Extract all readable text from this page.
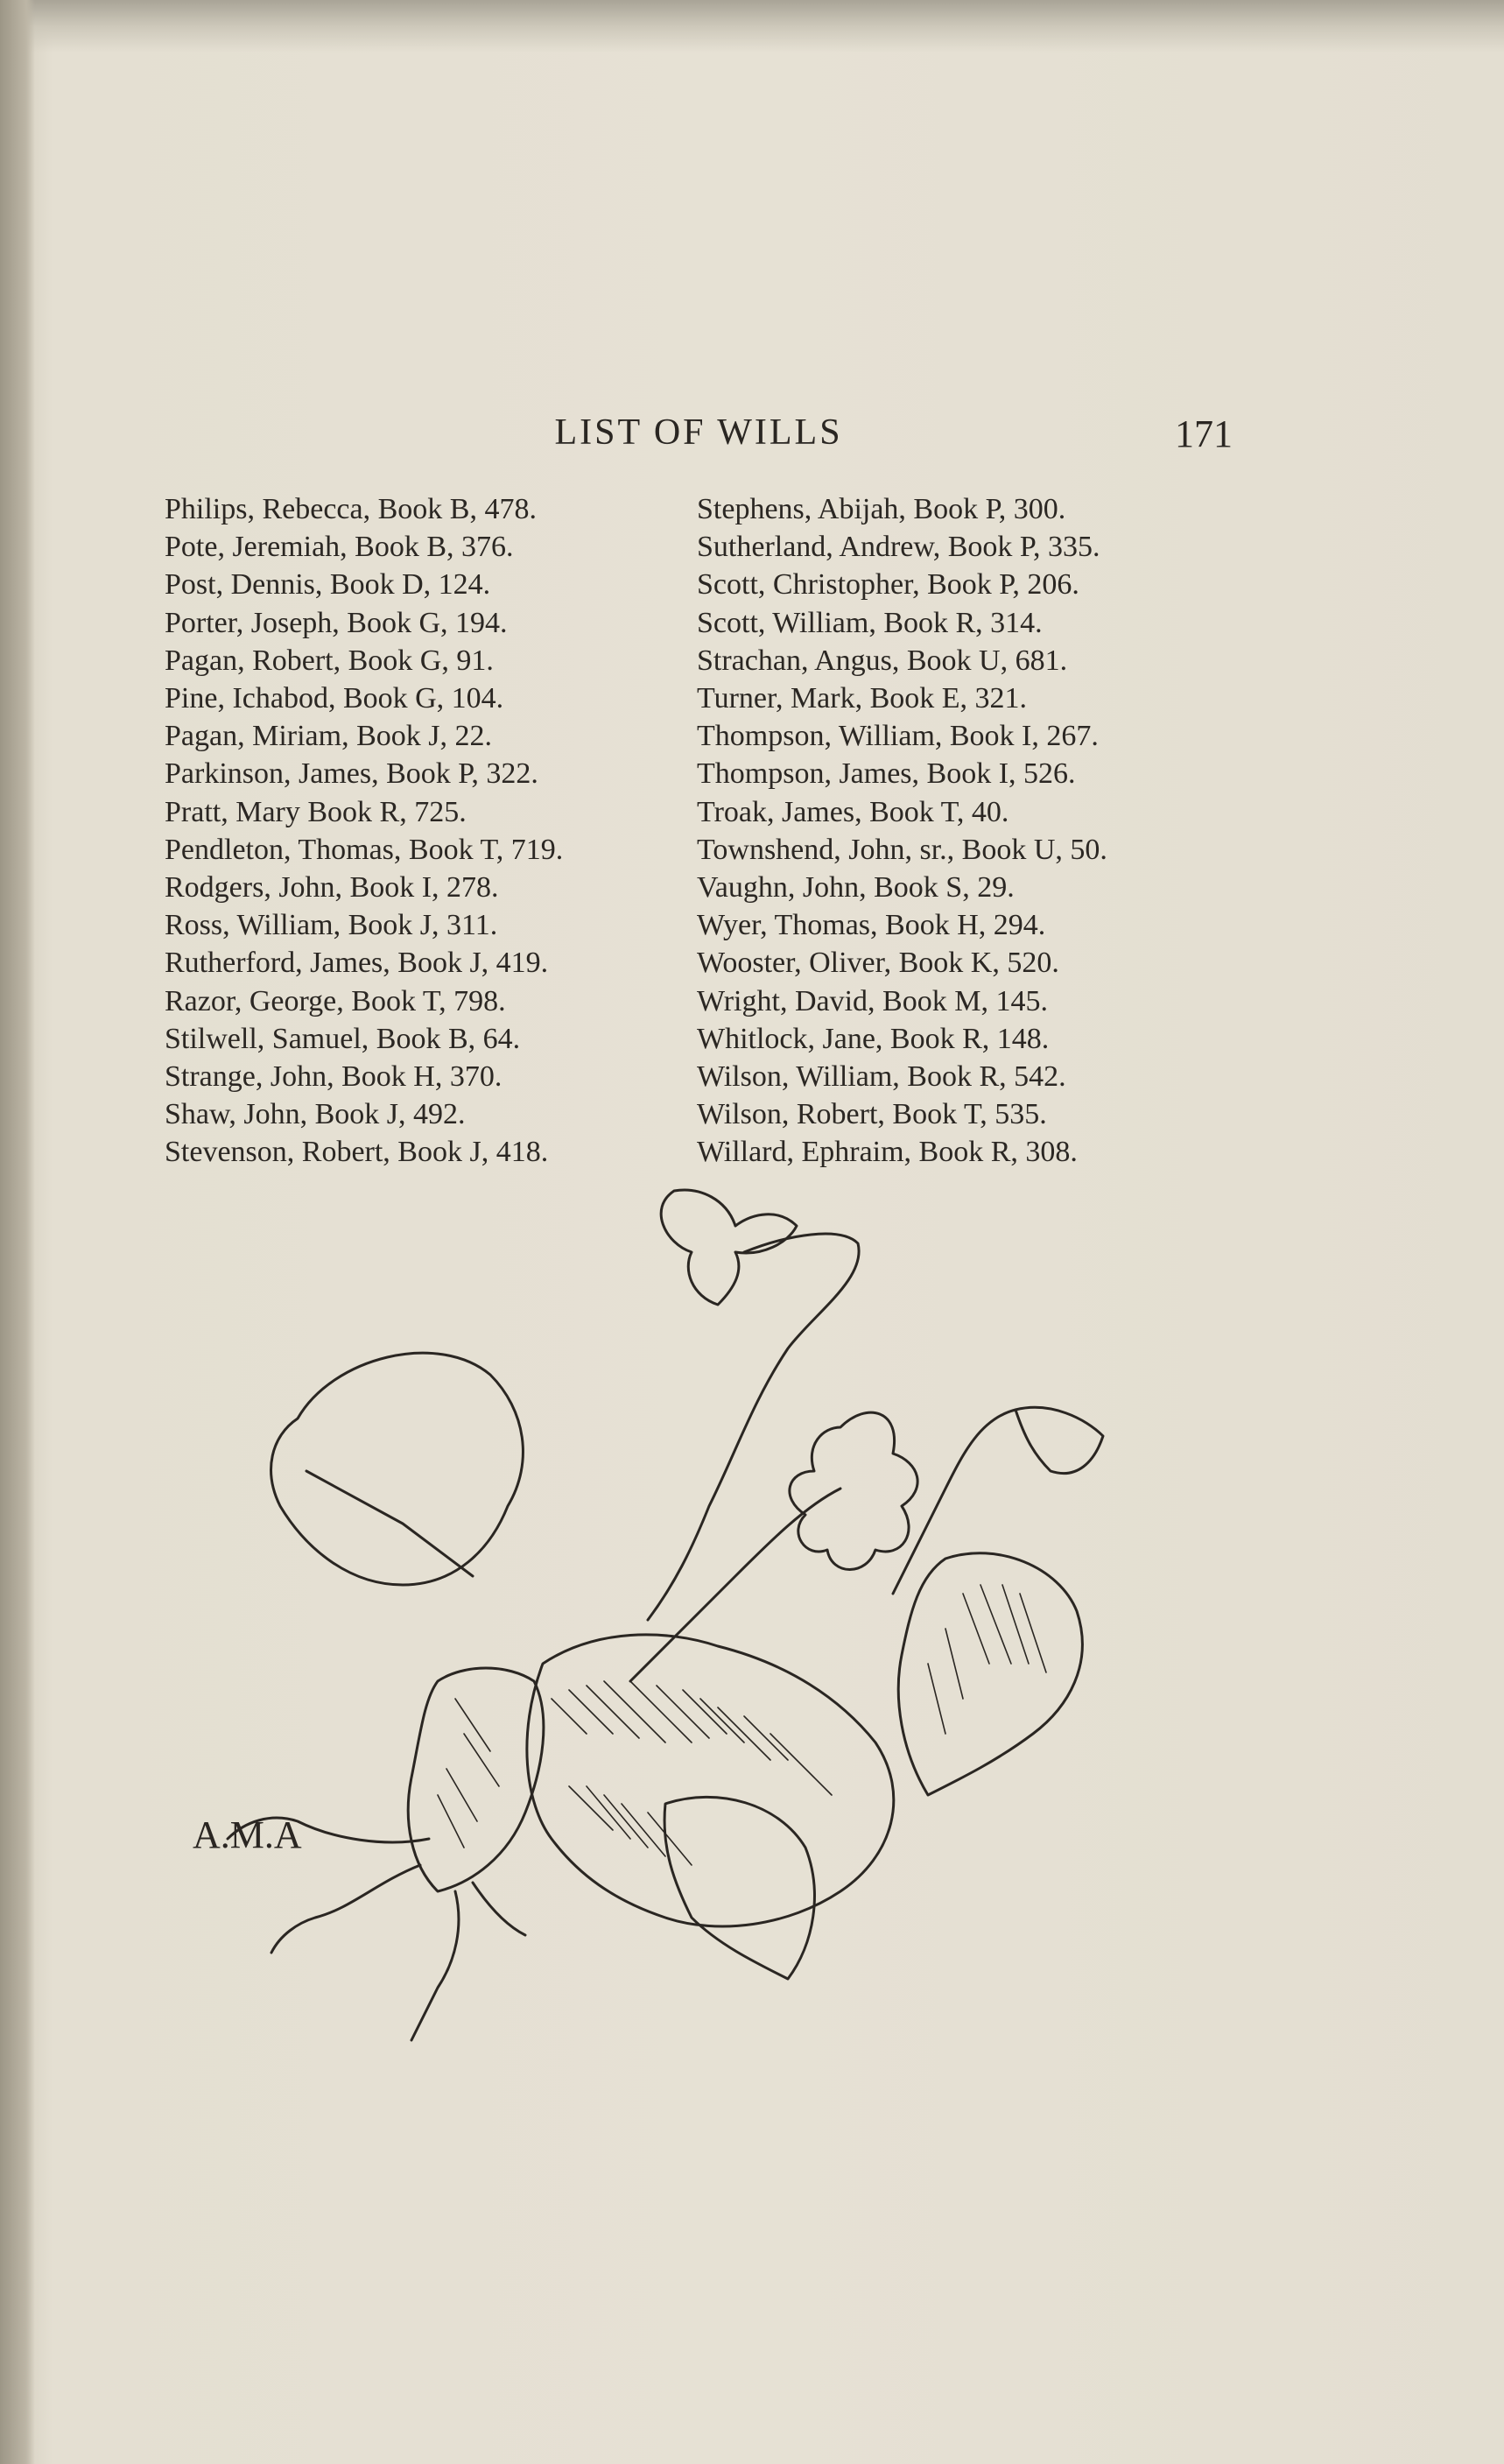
LIST OF WILLS	171
Philips, Rebecca, Book B, 478.
Pote, Jeremiah, Book B, 376.
Post, Dennis, Book D, 124.
Porter, Joseph, Book G, 194.
Pagan, Robert, Book G, 91.
Pine, Ichabod, Book G, 104.
Pagan, Miriam, Book J, 22.
Parkinson, James, Book P, 322.
Pratt, Mary Book R, 725.
Pendleton, Thomas, Book T, 719.
Rodgers, John, Book I, 278.
Ross, William, Book J, 311.
Rutherford, James, Book J, 419.
Razor, George, Book T, 798.
Stilwell, Samuel, Book B, 64.
Strange, John, Book H, 370.
Shaw, John, Book J, 492.
Stevenson, Robert, Book J, 418.
Stephens, Abijah, Book P, 300.
Sutherland, Andrew, Book P, 335.
Scott, Christopher, Book P, 206.
Scott, William, Book R, 314.
Strachan, Angus, Book U, 681.
Turner, Mark, Book E, 321.
Thompson, William, Book I, 267.
Thompson, James, Book I, 526.
Troak, James, Book T, 40.
Townshend, John, sr., Book U, 50.
Vaughn, John, Book S, 29.
Wyer, Thomas, Book H, 294.
Wooster, Oliver, Book K, 520.
Wright, David, Book M, 145.
Whitlock, Jane, Book R, 148.
Wilson, William, Book R, 542.
Wilson, Robert, Book T, 535.
Willard, Ephraim, Book R, 308.
A.M.A
